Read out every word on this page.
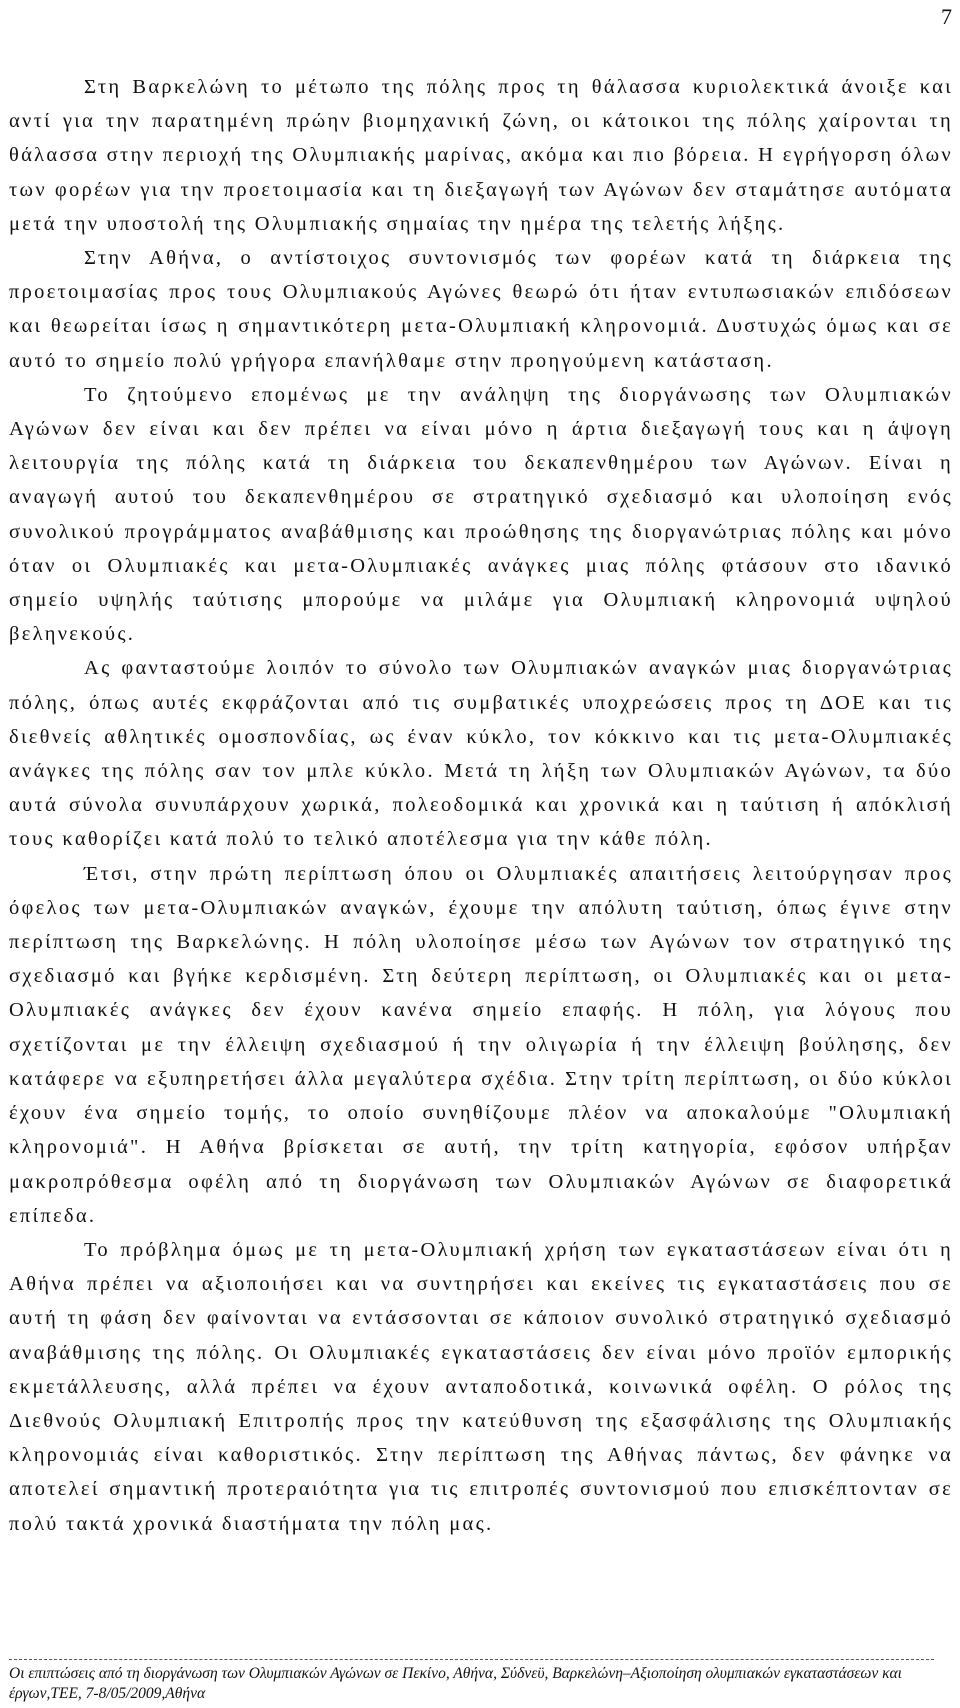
7

Στη Βαρκελώνη το μέτωπο της πόλης προς τη θάλασσα κυριολεκτικά άνοιξε και αντί για την παρατημένη πρώην βιομηχανική ζώνη, οι κάτοικοι της πόλης χαίρονται τη θάλασσα στην περιοχή της Ολυμπιακής μαρίνας, ακόμα και πιο βόρεια. Η εγρήγορση όλων των φορέων για την προετοιμασία και τη διεξαγωγή των Αγώνων δεν σταμάτησε αυτόματα μετά την υποστολή της Ολυμπιακής σημαίας την ημέρα της τελετής λήξης.

Στην Αθήνα, ο αντίστοιχος συντονισμός των φορέων κατά τη διάρκεια της προετοιμασίας προς τους Ολυμπιακούς Αγώνες θεωρώ ότι ήταν εντυπωσιακών επιδόσεων και θεωρείται ίσως η σημαντικότερη μετα-Ολυμπιακή κληρονομιά. Δυστυχώς όμως και σε αυτό το σημείο πολύ γρήγορα επανήλθαμε στην προηγούμενη κατάσταση.

Το ζητούμενο επομένως με την ανάληψη της διοργάνωσης των Ολυμπιακών Αγώνων δεν είναι και δεν πρέπει να είναι μόνο η άρτια διεξαγωγή τους και η άψογη λειτουργία της πόλης κατά τη διάρκεια του δεκαπενθημέρου των Αγώνων. Είναι η αναγωγή αυτού του δεκαπενθημέρου σε στρατηγικό σχεδιασμό και υλοποίηση ενός συνολικού προγράμματος αναβάθμισης και προώθησης της διοργανώτριας πόλης και μόνο όταν οι Ολυμπιακές και μετα-Ολυμπιακές ανάγκες μιας πόλης φτάσουν στο ιδανικό σημείο υψηλής ταύτισης μπορούμε να μιλάμε για Ολυμπιακή κληρονομιά υψηλού βεληνεκούς.

Ας φανταστούμε λοιπόν το σύνολο των Ολυμπιακών αναγκών μιας διοργανώτριας πόλης, όπως αυτές εκφράζονται από τις συμβατικές υποχρεώσεις προς τη ΔΟΕ και τις διεθνείς αθλητικές ομοσπονδίας, ως έναν κύκλο, τον κόκκινο και τις μετα-Ολυμπιακές ανάγκες της πόλης σαν τον μπλε κύκλο. Μετά τη λήξη των Ολυμπιακών Αγώνων, τα δύο αυτά σύνολα συνυπάρχουν χωρικά, πολεοδομικά και χρονικά και η ταύτιση ή απόκλισή τους καθορίζει κατά πολύ το τελικό αποτέλεσμα για την κάθε πόλη.

Έτσι, στην πρώτη περίπτωση όπου οι Ολυμπιακές απαιτήσεις λειτούργησαν προς όφελος των μετα-Ολυμπιακών αναγκών, έχουμε την απόλυτη ταύτιση, όπως έγινε στην περίπτωση της Βαρκελώνης. Η πόλη υλοποίησε μέσω των Αγώνων τον στρατηγικό της σχεδιασμό και βγήκε κερδισμένη. Στη δεύτερη περίπτωση, οι Ολυμπιακές και οι μετα-Ολυμπιακές ανάγκες δεν έχουν κανένα σημείο επαφής. Η πόλη, για λόγους που σχετίζονται με την έλλειψη σχεδιασμού ή την ολιγωρία ή την έλλειψη βούλησης, δεν κατάφερε να εξυπηρετήσει άλλα μεγαλύτερα σχέδια. Στην τρίτη περίπτωση, οι δύο κύκλοι έχουν ένα σημείο τομής, το οποίο συνηθίζουμε πλέον να αποκαλούμε "Ολυμπιακή κληρονομιά". Η Αθήνα βρίσκεται σε αυτή, την τρίτη κατηγορία, εφόσον υπήρξαν μακροπρόθεσμα οφέλη από τη διοργάνωση των Ολυμπιακών Αγώνων σε διαφορετικά επίπεδα.

Το πρόβλημα όμως με τη μετα-Ολυμπιακή χρήση των εγκαταστάσεων είναι ότι η Αθήνα πρέπει να αξιοποιήσει και να συντηρήσει και εκείνες τις εγκαταστάσεις που σε αυτή τη φάση δεν φαίνονται να εντάσσονται σε κάποιον συνολικό στρατηγικό σχεδιασμό αναβάθμισης της πόλης. Οι Ολυμπιακές εγκαταστάσεις δεν είναι μόνο προϊόν εμπορικής εκμετάλλευσης, αλλά πρέπει να έχουν ανταποδοτικά, κοινωνικά οφέλη. Ο ρόλος της Διεθνούς Ολυμπιακή Επιτροπής προς την κατεύθυνση της εξασφάλισης της Ολυμπιακής κληρονομιάς είναι καθοριστικός. Στην περίπτωση της Αθήνας πάντως, δεν φάνηκε να αποτελεί σημαντική προτεραιότητα για τις επιτροπές συντονισμού που επισκέπτονταν σε πολύ τακτά χρονικά διαστήματα την πόλη μας.

Οι επιπτώσεις από τη διοργάνωση των Ολυμπιακών Αγώνων σε Πεκίνο, Αθήνα, Σύδνεϋ, Βαρκελώνη–Αξιοποίηση ολυμπιακών εγκαταστάσεων και έργων,ΤΕΕ, 7-8/05/2009,Αθήνα
